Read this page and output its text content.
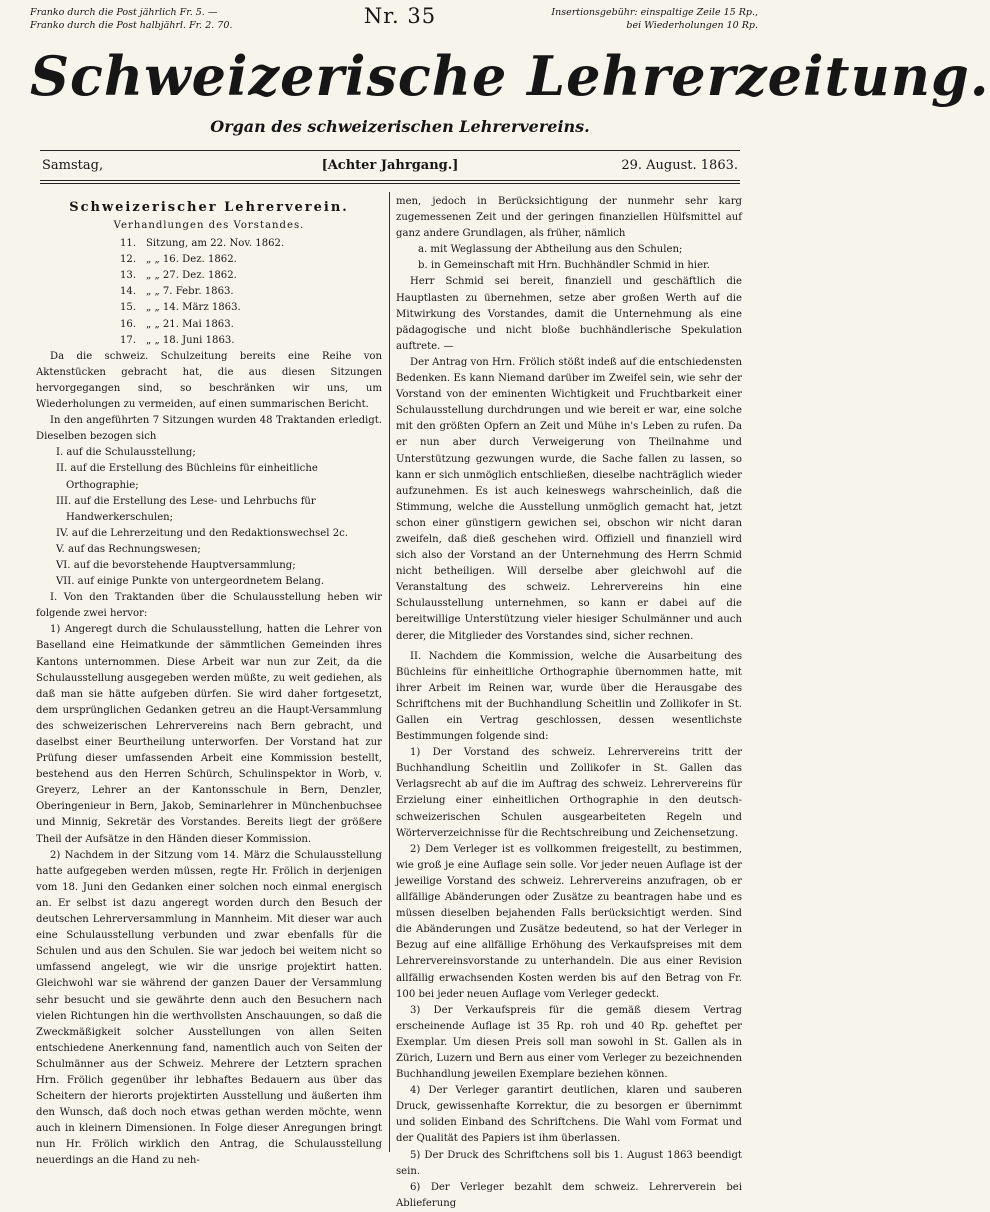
Franko durch die Post jährlich Fr. 5. —
Franko durch die Post halbjährl. Fr. 2. 70.	Nr. 35	Insertionsgebühr: einspaltige Zeile 15 Rp.,
bei Wiederholungen 10 Rp.
Schweizerische Lehrerzeitung.
Organ des schweizerischen Lehrervereins.
Samstag,	[Achter Jahrgang.]	29. August. 1863.
Schweizerischer Lehrerverein.
Verhandlungen des Vorstandes.
11. Sitzung, am 22. Nov. 1862.
12. „ „ 16. Dez. 1862.
13. „ „ 27. Dez. 1862.
14. „ „ 7. Febr. 1863.
15. „ „ 14. März 1863.
16. „ „ 21. Mai 1863.
17. „ „ 18. Juni 1863.

Da die schweiz. Schulzeitung bereits eine Reihe von Aktenstücken gebracht hat, die aus diesen Sitzungen hervorgegangen sind, so beschränken wir uns, um Wiederholungen zu vermeiden, auf einen summarischen Bericht.

In den angeführten 7 Sitzungen wurden 48 Traktanden erledigt. Dieselben bezogen sich

I. auf die Schulausstellung;
II. auf die Erstellung des Büchleins für einheitliche Orthographie;
III. auf die Erstellung des Lese- und Lehrbuchs für Handwerkerschulen;
IV. auf die Lehrerzeitung und den Redaktionswechsel 2c.
V. auf das Rechnungswesen;
VI. auf die bevorstehende Hauptversammlung;
VII. auf einige Punkte von untergeordnetem Belang.

I. Von den Traktanden über die Schulausstellung heben wir folgende zwei hervor:

1) Angeregt durch die Schulausstellung, hatten die Lehrer von Baselland eine Heimatkunde der sämmtlichen Gemeinden ihres Kantons unternommen. Diese Arbeit war nun zur Zeit, da die Schulausstellung ausgegeben werden müßte, zu weit gediehen, als daß man sie hätte aufgeben dürfen. Sie wird daher fortgesetzt, dem ursprünglichen Gedanken getreu an die Haupt-Versammlung des schweizerischen Lehrervereins nach Bern gebracht, und daselbst einer Beurtheilung unterworfen. Der Vorstand hat zur Prüfung dieser umfassenden Arbeit eine Kommission bestellt, bestehend aus den Herren Schürch, Schulinspektor in Worb, v. Greyerz, Lehrer an der Kantonsschule in Bern, Denzler, Oberingenieur in Bern, Jakob, Seminarlehrer in Münchenbuchsee und Minnig, Sekretär des Vorstandes. Bereits liegt der größere Theil der Aufsätze in den Händen dieser Kommission.

2) Nachdem in der Sitzung vom 14. März die Schulausstellung hatte aufgegeben werden müssen, regte Hr. Frölich in derjenigen vom 18. Juni den Gedanken einer solchen noch einmal energisch an. Er selbst ist dazu angeregt worden durch den Besuch der deutschen Lehrerversammlung in Mannheim. Mit dieser war auch eine Schulausstellung verbunden und zwar ebenfalls für die Schulen und aus den Schulen. Sie war jedoch bei weitem nicht so umfassend angelegt, wie wir die unsrige projektirt hatten. Gleichwohl war sie während der ganzen Dauer der Versammlung sehr besucht und sie gewährte denn auch den Besuchern nach vielen Richtungen hin die werthvollsten Anschauungen, so daß die Zweckmäßigkeit solcher Ausstellungen von allen Seiten entschiedene Anerkennung fand, namentlich auch von Seiten der Schulmänner aus der Schweiz. Mehrere der Letztern sprachen Hrn. Frölich gegenüber ihr lebhaftes Bedauern aus über das Scheitern der hierorts projektirten Ausstellung und äußerten ihm den Wunsch, daß doch noch etwas gethan werden möchte, wenn auch in kleinern Dimensionen. In Folge dieser Anregungen bringt nun Hr. Frölich wirklich den Antrag, die Schulausstellung neuerdings an die Hand zu neh-

men, jedoch in Berücksichtigung der nunmehr sehr karg zugemessenen Zeit und der geringen finanziellen Hülfsmittel auf ganz andere Grundlagen, als früher, nämlich

a. mit Weglassung der Abtheilung aus den Schulen;
b. in Gemeinschaft mit Hrn. Buchhändler Schmid in hier.

Herr Schmid sei bereit, finanziell und geschäftlich die Hauptlasten zu übernehmen, setze aber großen Werth auf die Mitwirkung des Vorstandes, damit die Unternehmung als eine pädagogische und nicht bloße buchhändlerische Spekulation auftrete. —

Der Antrag von Hrn. Frölich stößt indeß auf die entschiedensten Bedenken. Es kann Niemand darüber im Zweifel sein, wie sehr der Vorstand von der eminenten Wichtigkeit und Fruchtbarkeit einer Schulausstellung durchdrungen und wie bereit er war, eine solche mit den größten Opfern an Zeit und Mühe in's Leben zu rufen. Da er nun aber durch Verweigerung von Theilnahme und Unterstützung gezwungen wurde, die Sache fallen zu lassen, so kann er sich unmöglich entschließen, dieselbe nachträglich wieder aufzunehmen. Es ist auch keineswegs wahrscheinlich, daß die Stimmung, welche die Ausstellung unmöglich gemacht hat, jetzt schon einer günstigern gewichen sei, obschon wir nicht daran zweifeln, daß dieß geschehen wird. Offiziell und finanziell wird sich also der Vorstand an der Unternehmung des Herrn Schmid nicht betheiligen. Will derselbe aber gleichwohl auf die Veranstaltung des schweiz. Lehrervereins hin eine Schulausstellung unternehmen, so kann er dabei auf die bereitwillige Unterstützung vieler hiesiger Schulmänner und auch derer, die Mitglieder des Vorstandes sind, sicher rechnen.

II. Nachdem die Kommission, welche die Ausarbeitung des Büchleins für einheitliche Orthographie übernommen hatte, mit ihrer Arbeit im Reinen war, wurde über die Herausgabe des Schriftchens mit der Buchhandlung Scheitlin und Zollikofer in St. Gallen ein Vertrag geschlossen, dessen wesentlichste Bestimmungen folgende sind:

1) Der Vorstand des schweiz. Lehrervereins tritt der Buchhandlung Scheitlin und Zollikofer in St. Gallen das Verlagsrecht ab auf die im Auftrag des schweiz. Lehrervereins für Erzielung einer einheitlichen Orthographie in den deutsch-schweizerischen Schulen ausgearbeiteten Regeln und Wörterverzeichnisse für die Rechtschreibung und Zeichensetzung.

2) Dem Verleger ist es vollkommen freigestellt, zu bestimmen, wie groß je eine Auflage sein solle. Vor jeder neuen Auflage ist der jeweilige Vorstand des schweiz. Lehrervereins anzufragen, ob er allfällige Abänderungen oder Zusätze zu beantragen habe und es müssen dieselben bejahenden Falls berücksichtigt werden. Sind die Abänderungen und Zusätze bedeutend, so hat der Verleger in Bezug auf eine allfällige Erhöhung des Verkaufspreises mit dem Lehrervereinsvorstande zu unterhandeln. Die aus einer Revision allfällig erwachsenden Kosten werden bis auf den Betrag von Fr. 100 bei jeder neuen Auflage vom Verleger gedeckt.

3) Der Verkaufspreis für die gemäß diesem Vertrag erscheinende Auflage ist 35 Rp. roh und 40 Rp. geheftet per Exemplar. Um diesen Preis soll man sowohl in St. Gallen als in Zürich, Luzern und Bern aus einer vom Verleger zu bezeichnenden Buchhandlung jeweilen Exemplare beziehen können.

4) Der Verleger garantirt deutlichen, klaren und sauberen Druck, gewissenhafte Korrektur, die zu besorgen er übernimmt und soliden Einband des Schriftchens. Die Wahl vom Format und der Qualität des Papiers ist ihm überlassen.

5) Der Druck des Schriftchens soll bis 1. August 1863 beendigt sein.

6) Der Verleger bezahlt dem schweiz. Lehrerverein bei Ablieferung
